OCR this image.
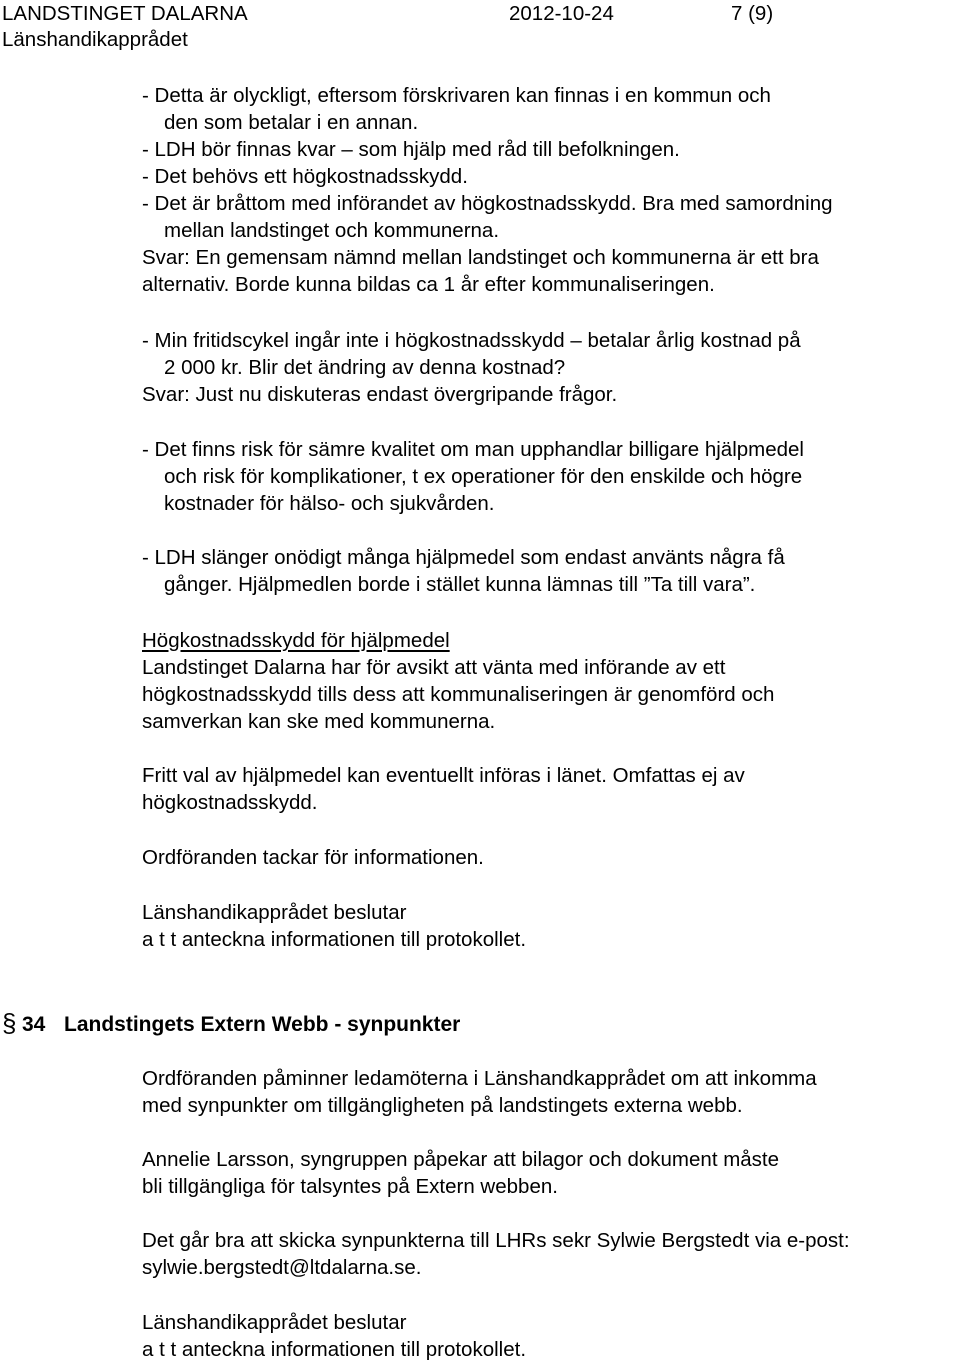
LANDSTINGET DALARNA	2012-10-24	7 (9)
Länshandikapprådet
- Detta är olyckligt, eftersom förskrivaren kan finnas i en kommun och
den som betalar i en annan.
- LDH bör finnas kvar – som hjälp med råd till befolkningen.
- Det behövs ett högkostnadsskydd.
- Det är bråttom med införandet av högkostnadsskydd. Bra med samordning
mellan landstinget och kommunerna.
Svar: En gemensam nämnd mellan landstinget och kommunerna är ett bra
alternativ. Borde kunna bildas ca 1 år efter kommunaliseringen.
- Min fritidscykel ingår inte i högkostnadsskydd – betalar årlig kostnad på
2 000 kr. Blir det ändring av denna kostnad?
Svar: Just nu diskuteras endast övergripande frågor.
- Det finns risk för sämre kvalitet om man upphandlar billigare hjälpmedel
och risk för komplikationer, t ex operationer för den enskilde och högre
kostnader för hälso- och sjukvården.
- LDH slänger onödigt många hjälpmedel som endast använts några få
gånger. Hjälpmedlen borde i stället kunna lämnas till ”Ta till vara”.
Högkostnadsskydd för hjälpmedel
Landstinget Dalarna har för avsikt att vänta med införande av ett
högkostnadsskydd tills dess att kommunaliseringen är genomförd och
samverkan kan ske med kommunerna.
Fritt val av hjälpmedel kan eventuellt införas i länet. Omfattas ej av
högkostnadsskydd.
Ordföranden tackar för informationen.
Länshandikapprådet beslutar
a t t anteckna informationen till protokollet.
§ 34 Landstingets Extern Webb - synpunkter
Ordföranden påminner ledamöterna i Länshandkapprådet om att inkomma
med synpunkter om tillgängligheten på landstingets externa webb.
Annelie Larsson, syngruppen påpekar att bilagor och dokument måste
bli tillgängliga för talsyntes på Extern webben.
Det går bra att skicka synpunkterna till LHRs sekr Sylwie Bergstedt via e-post:
sylwie.bergstedt@ltdalarna.se.
Länshandikapprådet beslutar
a t t anteckna informationen till protokollet.
